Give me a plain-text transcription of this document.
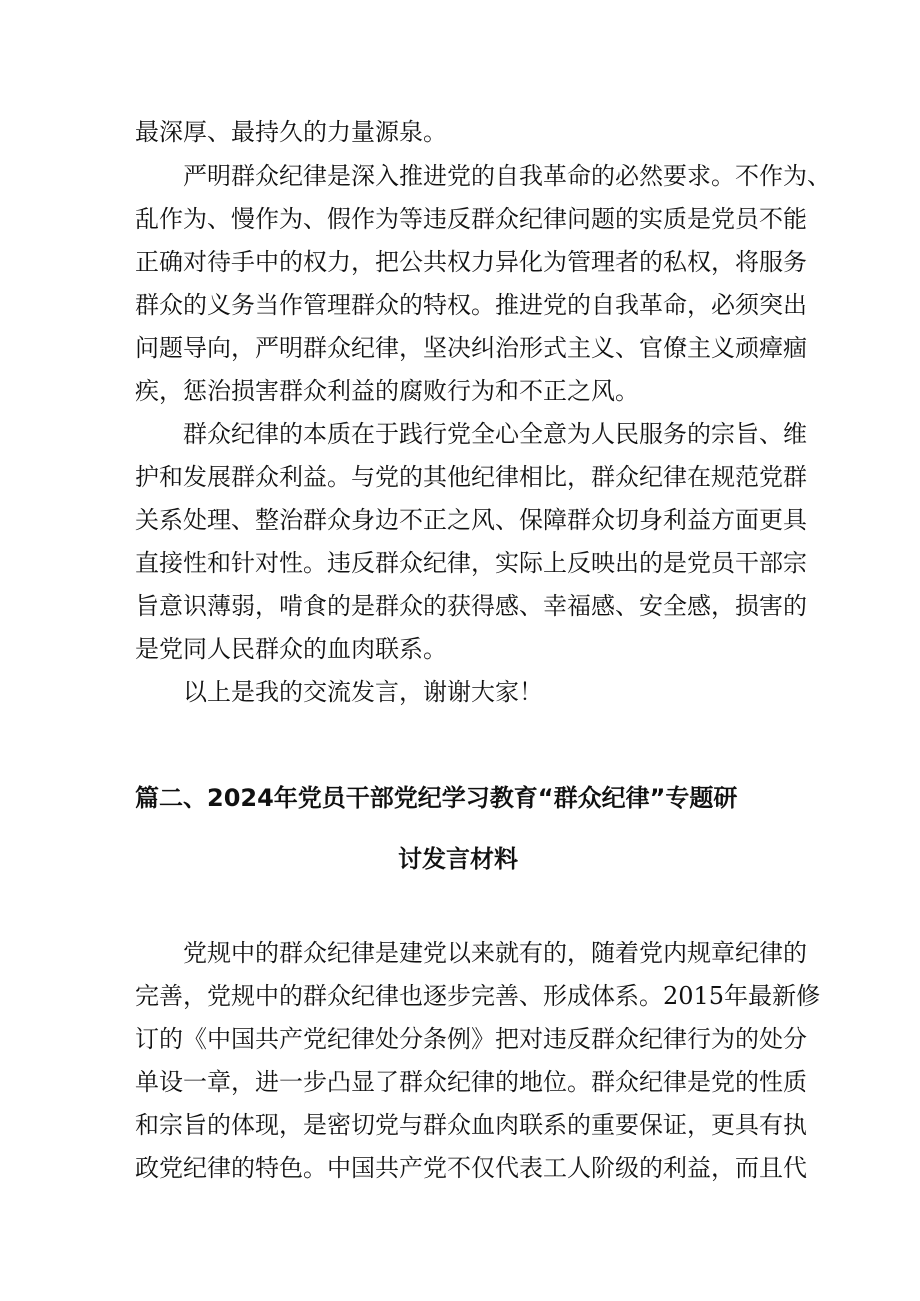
最深厚、最持久的力量源泉。
严明群众纪律是深入推进党的自我革命的必然要求。不作为、
乱作为、慢作为、假作为等违反群众纪律问题的实质是党员不能
正确对待手中的权力，把公共权力异化为管理者的私权，将服务
群众的义务当作管理群众的特权。推进党的自我革命，必须突出
问题导向，严明群众纪律，坚决纠治形式主义、官僚主义顽瘴痼
疾，惩治损害群众利益的腐败行为和不正之风。
群众纪律的本质在于践行党全心全意为人民服务的宗旨、维
护和发展群众利益。与党的其他纪律相比，群众纪律在规范党群
关系处理、整治群众身边不正之风、保障群众切身利益方面更具
直接性和针对性。违反群众纪律，实际上反映出的是党员干部宗
旨意识薄弱，啃食的是群众的获得感、幸福感、安全感，损害的
是党同人民群众的血肉联系。
以上是我的交流发言，谢谢大家！
篇二、2024年党员干部党纪学习教育“群众纪律”专题研
讨发言材料
党规中的群众纪律是建党以来就有的，随着党内规章纪律的
完善，党规中的群众纪律也逐步完善、形成体系。2015年最新修
订的《中国共产党纪律处分条例》把对违反群众纪律行为的处分
单设一章，进一步凸显了群众纪律的地位。群众纪律是党的性质
和宗旨的体现，是密切党与群众血肉联系的重要保证，更具有执
政党纪律的特色。中国共产党不仅代表工人阶级的利益，而且代
